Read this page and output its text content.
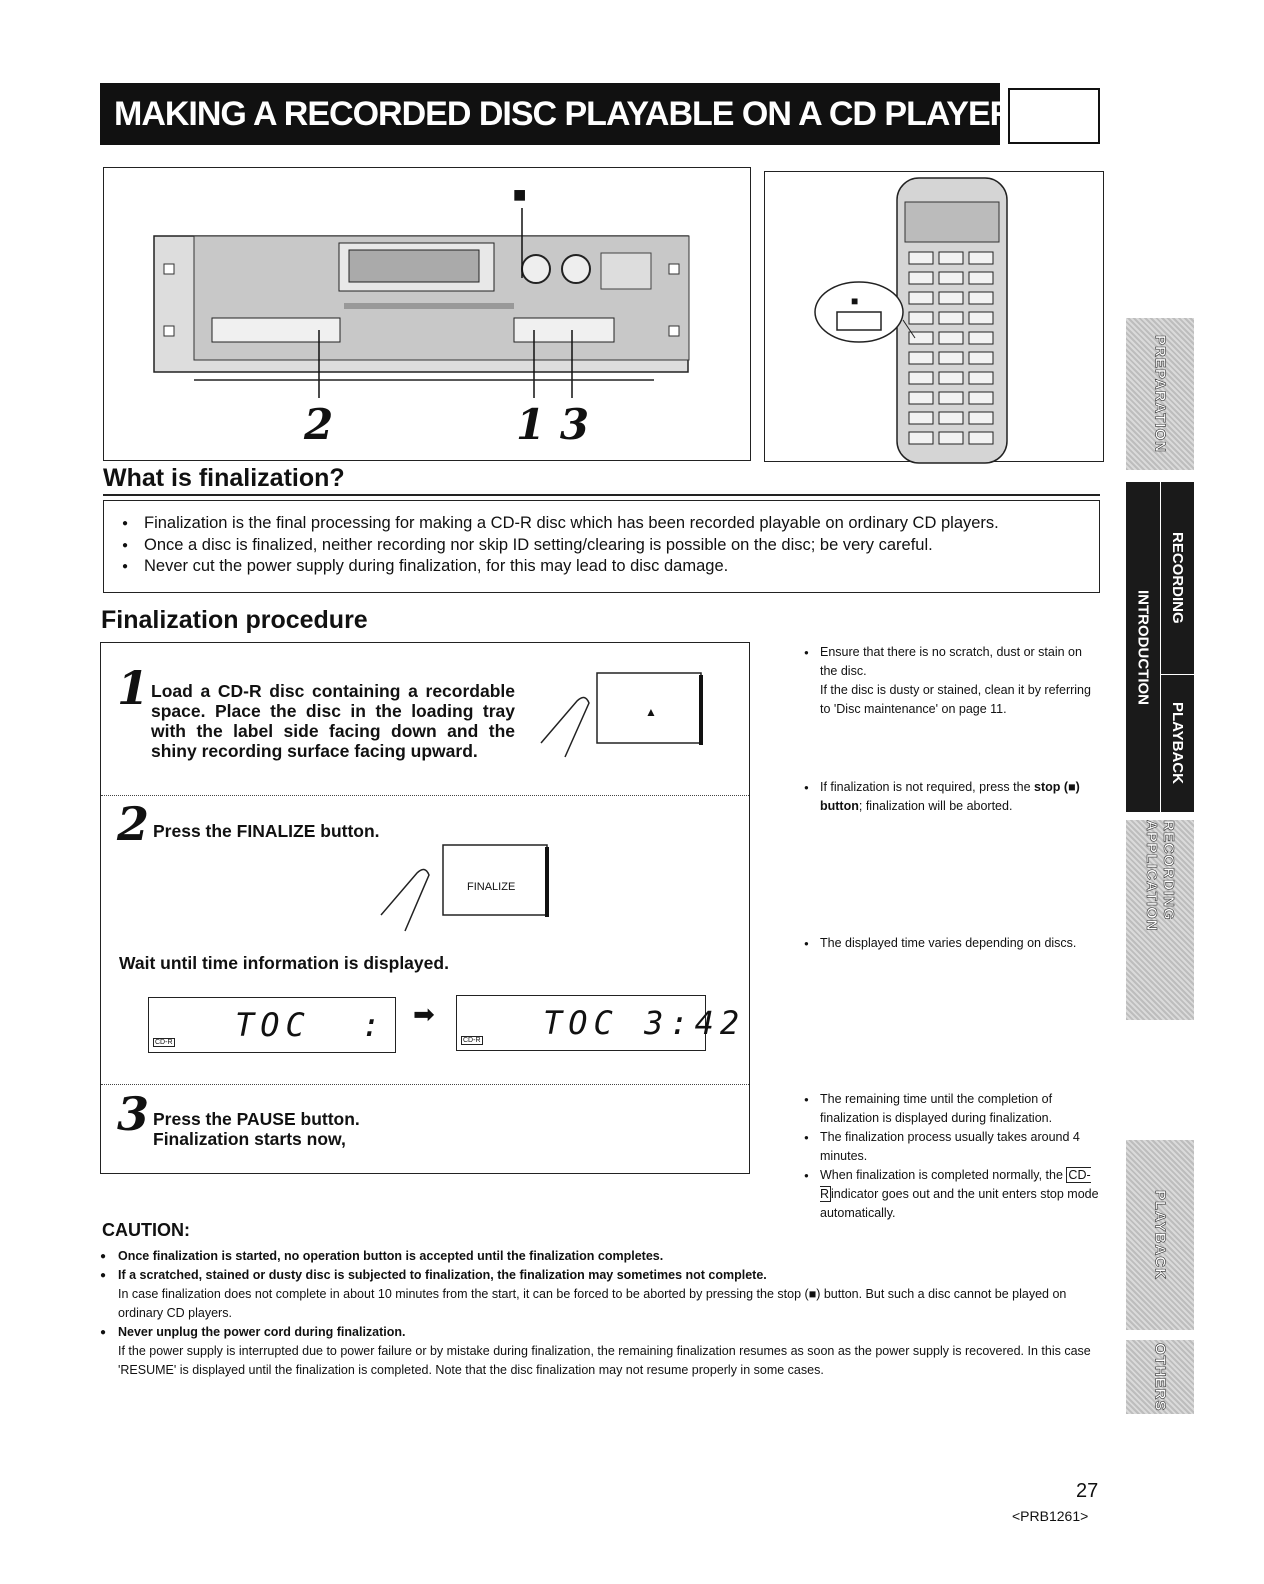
MAKING A RECORDED DISC PLAYABLE ON A CD PLAYER (FINALIZATION)
■
2	1 3
■
What is finalization?
● Finalization is the final processing for making a CD-R disc which has been recorded playable on ordinary CD players.
● Once a disc is finalized, neither recording nor skip ID setting/clearing is possible on the disc; be very careful.
● Never cut the power supply during finalization, for this may lead to disc damage.
Finalization procedure
1 Load a CD-R disc containing a recordable space. Place the disc in the loading tray with the label side facing down and the shiny recording surface facing upward.
▲
2 Press the FINALIZE button.
FINALIZE
Wait until time information is displayed.
CD-R TOC  : ➡
CD-R TOC 3:42
3 Press the PAUSE button.
Finalization starts now,
● Ensure that there is no scratch, dust or stain on the disc.
If the disc is dusty or stained, clean it by referring to 'Disc maintenance' on page 11.
● If finalization is not required, press the stop (■) button; finalization will be aborted.
● The displayed time varies depending on discs.
● The remaining time until the completion of finalization is displayed during finalization.
● The finalization process usually takes around 4 minutes.
● When finalization is completed normally, the CD-R indicator goes out and the unit enters stop mode automatically.
CAUTION:
● Once finalization is started, no operation button is accepted until the finalization completes.
● If a scratched, stained or dusty disc is subjected to finalization, the finalization may sometimes not complete.
In case finalization does not complete in about 10 minutes from the start, it can be forced to be aborted by pressing the stop (■) button. But such a disc cannot be played on ordinary CD players.
● Never unplug the power cord during finalization.
If the power supply is interrupted due to power failure or by mistake during finalization, the remaining finalization resumes as soon as the power supply is recovered. In this case 'RESUME' is displayed until the finalization is completed. Note that the disc finalization may not resume properly in some cases.
PREPARATION
INTRODUCTION
RECORDING
PLAYBACK
RECORDING APPLICATION
PLAYBACK
OTHERS
27
<PRB1261>
